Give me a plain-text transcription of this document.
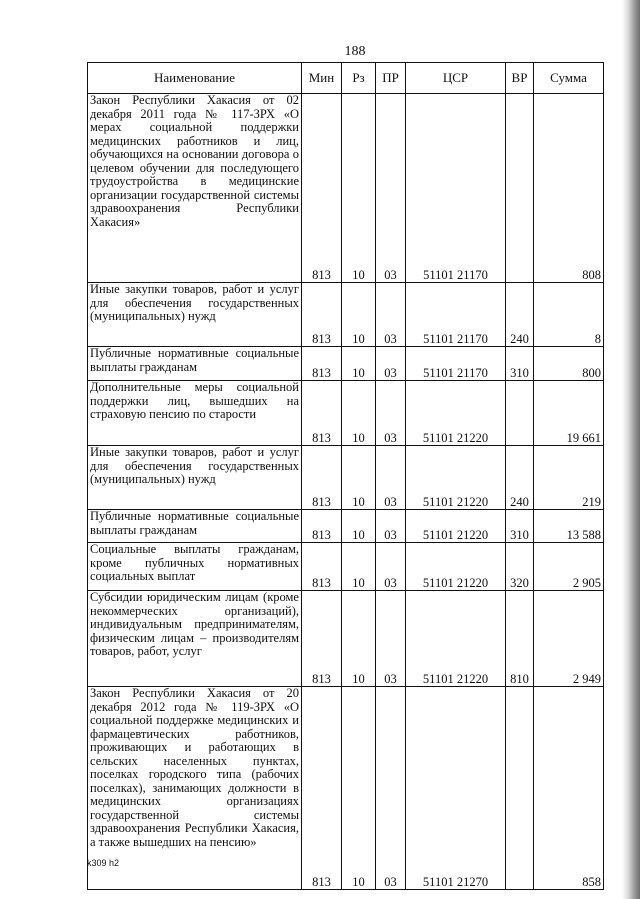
188
Наименование	Мин	Рз	ПР	ЦСР	ВР	Сумма
Закон Республики Хакасия от 02 декабря 2011 года № 117-ЗРХ «О мерах социальной поддержки медицинских работников и лиц, обучающихся на основании договора о целевом обучении для последующего трудоустройства в медицинские организации государственной системы здравоохранения Республики Хакасия»	813	10	03	51101 21170		808
Иные закупки товаров, работ и услуг для обеспечения государственных (муниципальных) нужд	813	10	03	51101 21170	240	8
Публичные нормативные социальные выплаты гражданам	813	10	03	51101 21170	310	800
Дополнительные меры социальной поддержки лиц, вышедших на страховую пенсию по старости	813	10	03	51101 21220		19 661
Иные закупки товаров, работ и услуг для обеспечения государственных (муниципальных) нужд	813	10	03	51101 21220	240	219
Публичные нормативные социальные выплаты гражданам	813	10	03	51101 21220	310	13 588
Социальные выплаты гражданам, кроме публичных нормативных социальных выплат	813	10	03	51101 21220	320	2 905
Субсидии юридическим лицам (кроме некоммерческих организаций), индивидуальным предпринимателям, физическим лицам – производителям товаров, работ, услуг	813	10	03	51101 21220	810	2 949
Закон Республики Хакасия от 20 декабря 2012 года № 119-ЗРХ «О социальной поддержке медицинских и фармацевтических работников, проживающих и работающих в сельских населенных пунктах, поселках городского типа (рабочих поселках), занимающих должности в медицинских организациях государственной системы здравоохранения Республики Хакасия, а также вышедших на пенсию»	813	10	03	51101 21270		858
k309 h2
